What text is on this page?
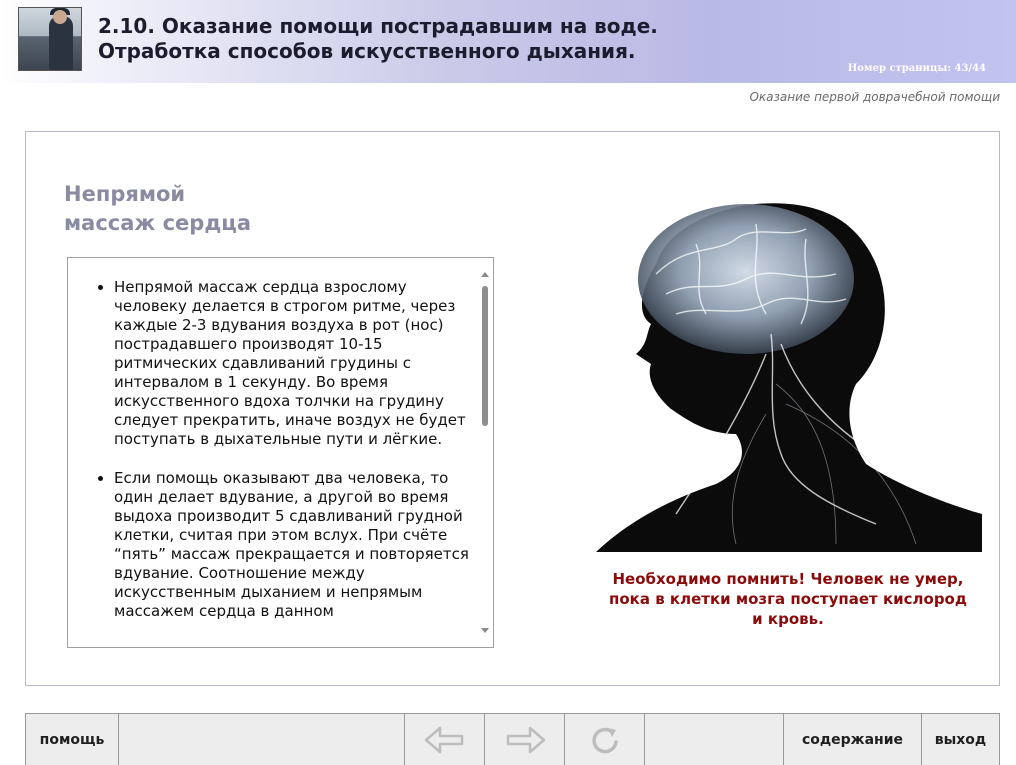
2.10. Оказание помощи пострадавшим на воде. Отработка способов искусственного дыхания.
Номер страницы: 43/44
Оказание первой доврачебной помощи
Непрямой
массаж сердца
• Непрямой массаж сердца взрослому человеку делается в строгом ритме, через каждые 2-3 вдувания воздуха в рот (нос) пострадавшего производят 10-15 ритмических сдавливаний грудины с интервалом в 1 секунду. Во время искусственного вдоха толчки на грудину следует прекратить, иначе воздух не будет поступать в дыхательные пути и лёгкие.
• Если помощь оказывают два человека, то один делает вдувание, а другой во время выдоха производит 5 сдавливаний грудной клетки, считая при этом вслух. При счёте “пять” массаж прекращается и повторяется вдувание. Соотношение между искусственным дыханием и непрямым массажем сердца в данном

Необходимо помнить! Человек не умер, пока в клетки мозга поступает кислород и кровь.

помощь	содержание выход
